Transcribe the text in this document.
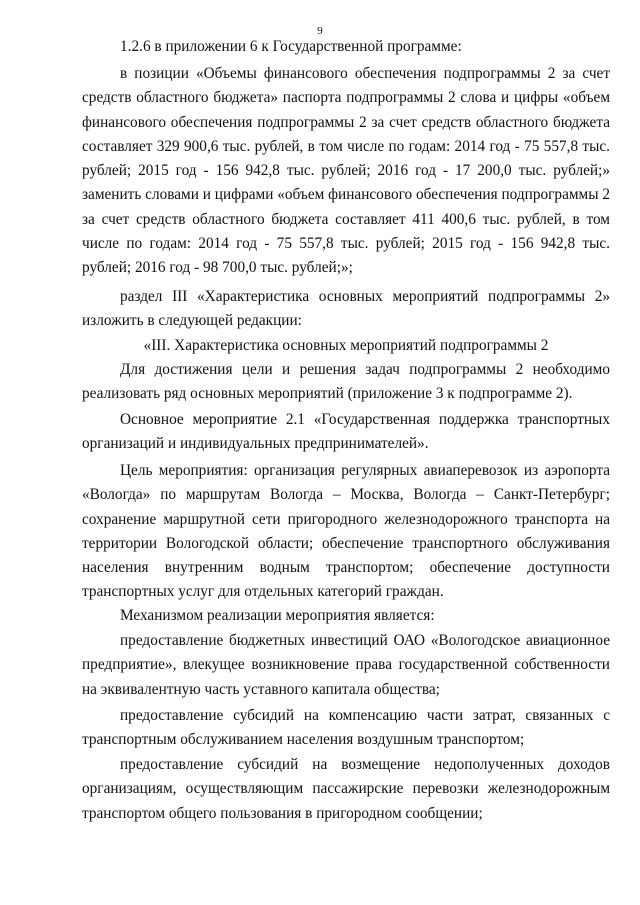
9
1.2.6 в приложении 6 к Государственной программе:
в позиции «Объемы финансового обеспечения подпрограммы 2 за счет
средств областного бюджета» паспорта подпрограммы 2 слова и цифры «объем
финансового обеспечения подпрограммы 2 за счет средств областного бюджета
составляет 329 900,6 тыс. рублей, в том числе по годам: 2014 год - 75 557,8 тыс.
рублей; 2015 год - 156 942,8 тыс. рублей; 2016 год - 17 200,0 тыс. рублей;»
заменить словами и цифрами «объем финансового обеспечения подпрограммы 2
за счет средств областного бюджета составляет 411 400,6 тыс. рублей, в том
числе по годам: 2014 год - 75 557,8 тыс. рублей; 2015 год - 156 942,8 тыс.
рублей; 2016 год - 98 700,0 тыс. рублей;»;
раздел III «Характеристика основных мероприятий подпрограммы 2»
изложить в следующей редакции:
«III. Характеристика основных мероприятий подпрограммы 2
Для достижения цели и решения задач подпрограммы 2 необходимо
реализовать ряд основных мероприятий (приложение 3 к подпрограмме 2).
Основное мероприятие 2.1 «Государственная поддержка транспортных
организаций и индивидуальных предпринимателей».
Цель мероприятия: организация регулярных авиаперевозок из аэропорта
«Вологда» по маршрутам Вологда – Москва, Вологда – Санкт-Петербург;
сохранение маршрутной сети пригородного железнодорожного транспорта на
территории Вологодской области; обеспечение транспортного обслуживания
населения внутренним водным транспортом; обеспечение доступности
транспортных услуг для отдельных категорий граждан.
Механизмом реализации мероприятия является:
предоставление бюджетных инвестиций ОАО «Вологодское авиационное
предприятие», влекущее возникновение права государственной собственности
на эквивалентную часть уставного капитала общества;
предоставление субсидий на компенсацию части затрат, связанных с
транспортным обслуживанием населения воздушным транспортом;
предоставление субсидий на возмещение недополученных доходов
организациям, осуществляющим пассажирские перевозки железнодорожным
транспортом общего пользования в пригородном сообщении;
